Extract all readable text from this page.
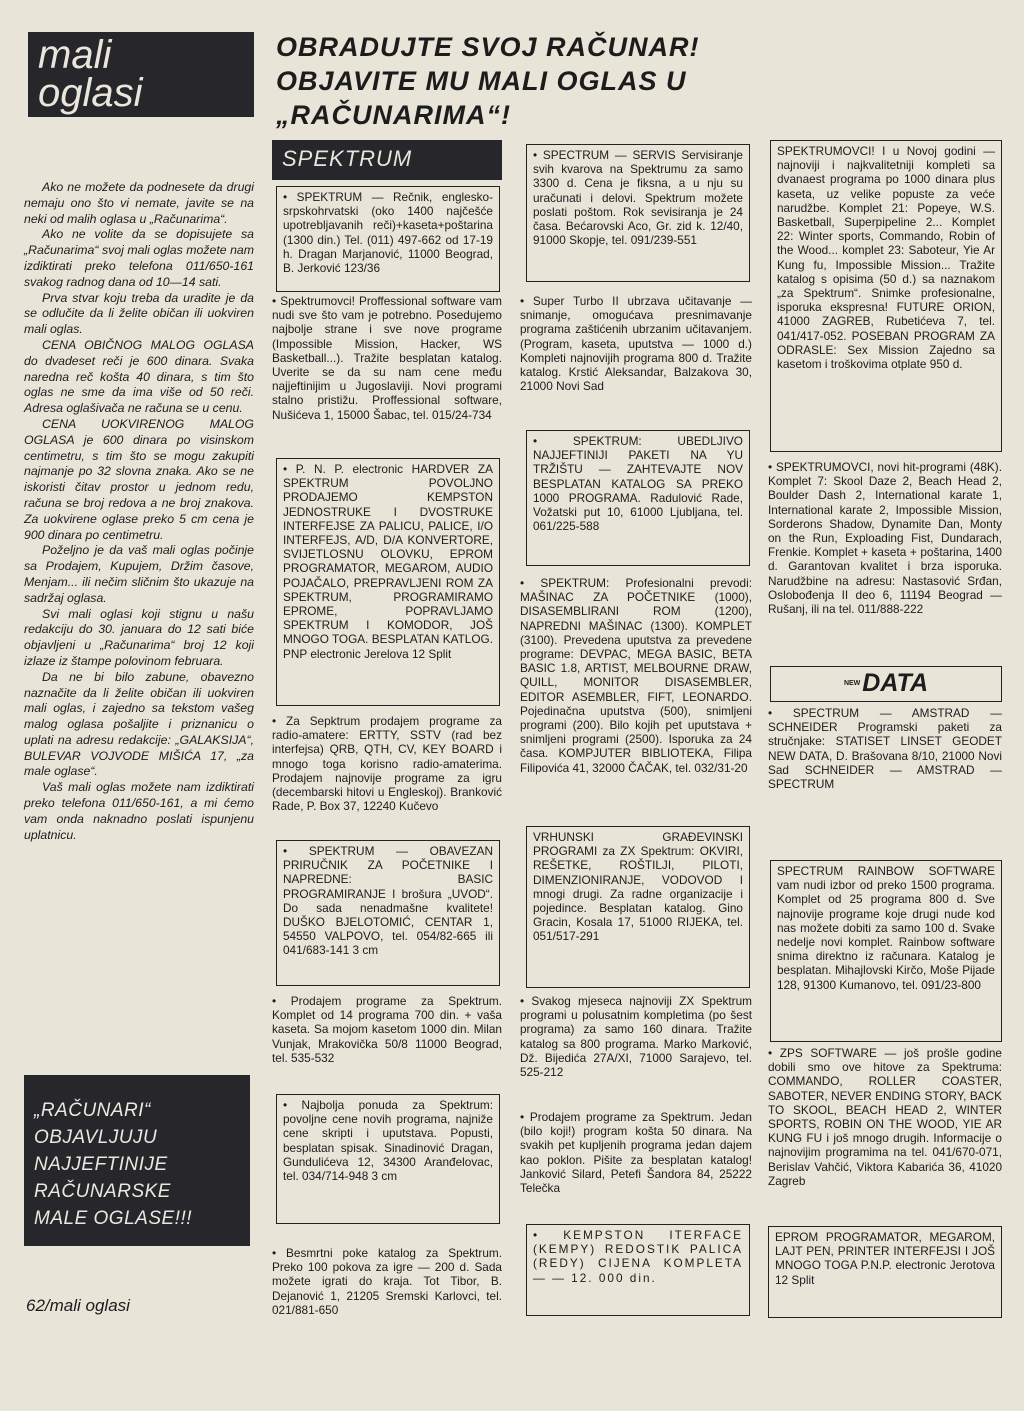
mali
oglasi
OBRADUJTE SVOJ RAČUNAR!
OBJAVITE MU MALI OGLAS U
„RAČUNARIMA“!

Ako ne možete da podnesete da drugi nemaju ono što vi nemate, javite se na neki od malih oglasa u „Računarima“.

Ako ne volite da se dopisujete sa „Računarima“ svoj mali oglas možete nam izdiktirati preko telefona 011/650-161 svakog radnog dana od 10—14 sati.

Prva stvar koju treba da uradite je da se odlučite da li želite običan ili uokviren mali oglas.

CENA OBIČNOG MALOG OGLASA do dvadeset reči je 600 dinara. Svaka naredna reč košta 40 dinara, s tim što oglas ne sme da ima više od 50 reči. Adresa oglašivača ne računa se u cenu.

CENA UOKVIRENOG MALOG OGLASA je 600 dinara po visinskom centimetru, s tim što se mogu zakupiti najmanje po 32 slovna znaka. Ako se ne iskoristi čitav prostor u jednom redu, računa se broj redova a ne broj znakova. Za uokvirene oglase preko 5 cm cena je 900 dinara po centimetru.

Poželjno je da vaš mali oglas počinje sa Prodajem, Kupujem, Držim časove, Menjam... ili nečim sličnim što ukazuje na sadržaj oglasa.

Svi mali oglasi koji stignu u našu redakciju do 30. januara do 12 sati biće objavljeni u „Računarima“ broj 12 koji izlaze iz štampe polovinom februara.

Da ne bi bilo zabune, obavezno naznačite da li želite običan ili uokviren mali oglas, i zajedno sa tekstom vašeg malog oglasa pošaljite i priznanicu o uplati na adresu redakcije: „GALAKSIJA“, BULEVAR VOJVODE MIŠIĆA 17, „za male oglase“.

Vaš mali oglas možete nam izdiktirati preko telefona 011/650-161, a mi ćemo vam onda naknadno poslati ispunjenu uplatnicu.

„RAČUNARI“
OBJAVLJUJU
NAJJEFTINIJE
RAČUNARSKE
MALE OGLASE!!!
62/mali oglasi
SPEKTRUM

• SPEKTRUM — Rečnik, englesko-srpskohrvatski (oko 1400 najčešće upotrebljavanih reči)+kaseta+poštarina (1300 din.) Tel. (011) 497-662 od 17-19 h. Dragan Marjanović, 11000 Beograd, B. Jerković 123/36

• Spektrumovci! Proffessional software vam nudi sve što vam je potrebno. Posedujemo najbolje strane i sve nove programe (Impossible Mission, Hacker, WS Basketball...). Tražite besplatan katalog. Uverite se da su nam cene među najjeftinijim u Jugoslaviji. Novi programi stalno pristižu. Proffessional software, Nušićeva 1, 15000 Šabac, tel. 015/24-734

• P. N. P. electronic HARDVER ZA SPEKTRUM POVOLJNO PRODAJEMO KEMPSTON JEDNOSTRUKE I DVOSTRUKE INTERFEJSE ZA PALICU, PALICE, I/O INTERFEJS, A/D, D/A KONVERTORE, SVIJETLOSNU OLOVKU, EPROM PROGRAMATOR, MEGAROM, AUDIO POJAČALO, PREPRAVLJENI ROM ZA SPEKTRUM, PROGRAMIRAMO EPROME, POPRAVLJAMO SPEKTRUM I KOMODOR, JOŠ MNOGO TOGA. BESPLATAN KATLOG. PNP electronic Jerelova 12 Split

• Za Sepktrum prodajem programe za radio-amatere: ERTTY, SSTV (rad bez interfejsa) QRB, QTH, CV, KEY BOARD i mnogo toga korisno radio-amaterima. Prodajem najnovije programe za igru (decembarski hitovi u Engleskoj). Branković Rade, P. Box 37, 12240 Kučevo

• SPEKTRUM — OBAVEZAN PRIRUČNIK ZA POČETNIKE I NAPREDNE: BASIC PROGRAMIRANJE I brošura „UVOD“. Do sada nenadmašne kvalitete! DUŠKO BJELOTOMIĆ, CENTAR 1, 54550 VALPOVO, tel. 054/82-665 ili 041/683-141 3 cm

• Prodajem programe za Spektrum. Komplet od 14 programa 700 din. + vaša kaseta. Sa mojom kasetom 1000 din. Milan Vunjak, Mrakovička 50/8 11000 Beograd, tel. 535-532

• Najbolja ponuda za Spektrum: povoljne cene novih programa, najniže cene skripti i uputstava. Popusti, besplatan spisak. Sinadinović Dragan, Gundulićeva 12, 34300 Aranđelovac, tel. 034/714-948 3 cm

• Besmrtni poke katalog za Spektrum. Preko 100 pokova za igre — 200 d. Sada možete igrati do kraja. Tot Tibor, B. Dejanović 1, 21205 Sremski Karlovci, tel. 021/881-650

• SPECTRUM — SERVIS Servisiranje svih kvarova na Spektrumu za samo 3300 d. Cena je fiksna, a u nju su uračunati i delovi. Spektrum možete poslati poštom. Rok sevisiranja je 24 časa. Bećarovski Aco, Gr. zid k. 12/40, 91000 Skopje, tel. 091/239-551

• Super Turbo II ubrzava učitavanje — snimanje, omogućava presnimavanje programa zaštićenih ubrzanim učitavanjem. (Program, kaseta, uputstva — 1000 d.) Kompleti najnovijih programa 800 d. Tražite katalog. Krstić Aleksandar, Balzakova 30, 21000 Novi Sad

• SPEKTRUM: UBEDLJIVO NAJJEFTINIJI PAKETI NA YU TRŽIŠTU — ZAHTEVAJTE NOV BESPLATAN KATALOG SA PREKO 1000 PROGRAMA. Radulović Rade, Vožatski put 10, 61000 Ljubljana, tel. 061/225-588

• SPEKTRUM: Profesionalni prevodi: MAŠINAC ZA POČETNIKE (1000), DISASEMBLIRANI ROM (1200), NAPREDNI MAŠINAC (1300). KOMPLET (3100). Prevedena uputstva za prevedene programe: DEVPAC, MEGA BASIC, BETA BASIC 1.8, ARTIST, MELBOURNE DRAW, QUILL, MONITOR DISASEMBLER, EDITOR ASEMBLER, FIFT, LEONARDO. Pojedinačna uputstva (500), snimljeni programi (200). Bilo kojih pet uputstava + snimljeni programi (2500). Isporuka za 24 časa. KOMPJUTER BIBLIOTEKA, Filipa Filipovića 41, 32000 ČAČAK, tel. 032/31-20

VRHUNSKI GRAĐEVINSKI PROGRAMI za ZX Spektrum: OKVIRI, REŠETKE, ROŠTILJI, PILOTI, DIMENZIONIRANJE, VODOVOD I mnogi drugi. Za radne organizacije i pojedince. Besplatan katalog. Gino Gracin, Kosala 17, 51000 RIJEKA, tel. 051/517-291

• Svakog mjeseca najnoviji ZX Spektrum programi u polusatnim kompletima (po šest programa) za samo 160 dinara. Tražite katalog sa 800 programa. Marko Marković, Dž. Bijedića 27A/XI, 71000 Sarajevo, tel. 525-212

• Prodajem programe za Spektrum. Jedan (bilo koji!) program košta 50 dinara. Na svakih pet kupljenih programa jedan dajem kao poklon. Pišite za besplatan katalog! Janković Silard, Petefi Šandora 84, 25222 Telečka

• KEMPSTON ITERFACE (KEMPY) REDOSTIK PALICA (REDY) CIJENA KOMPLETA — — 12. 000 din.

SPEKTRUMOVCI! I u Novoj godini — najnoviji i najkvalitetniji kompleti sa dvanaest programa po 1000 dinara plus kaseta, uz velike popuste za veće narudžbe. Komplet 21: Popeye, W.S. Basketball, Superpipeline 2... Komplet 22: Winter sports, Commando, Robin of the Wood... komplet 23: Saboteur, Yie Ar Kung fu, Impossible Mission... Tražite katalog s opisima (50 d.) sa naznakom „za Spektrum“. Snimke profesionalne, isporuka ekspresna! FUTURE ORION, 41000 ZAGREB, Rubetićeva 7, tel. 041/417-052. POSEBAN PROGRAM ZA ODRASLE: Sex Mission Zajedno sa kasetom i troškovima otplate 950 d.

• SPEKTRUMOVCI, novi hit-programi (48K). Komplet 7: Skool Daze 2, Beach Head 2, Boulder Dash 2, International karate 1, International karate 2, Impossible Mission, Sorderons Shadow, Dynamite Dan, Monty on the Run, Exploading Fist, Dundarach, Frenkie. Komplet + kaseta + poštarina, 1400 d. Garantovan kvalitet i brza isporuka. Narudžbine na adresu: Nastasović Srđan, Oslobođenja II deo 6, 11194 Beograd — Rušanj, ili na tel. 011/888-222

NEWDATA

• SPECTRUM — AMSTRAD — SCHNEIDER Programski paketi za stručnjake: STATISET LINSET GEODET NEW DATA, D. Brašovana 8/10, 21000 Novi Sad SCHNEIDER — AMSTRAD — SPECTRUM

SPECTRUM RAINBOW SOFTWARE vam nudi izbor od preko 1500 programa. Komplet od 25 programa 800 d. Sve najnovije programe koje drugi nude kod nas možete dobiti za samo 100 d. Svake nedelje novi komplet. Rainbow software snima direktno iz računara. Katalog je besplatan. Mihajlovski Kirčo, Moše Pijade 128, 91300 Kumanovo, tel. 091/23-800

• ZPS SOFTWARE — još prošle godine dobili smo ove hitove za Spektruma: COMMANDO, ROLLER COASTER, SABOTER, NEVER ENDING STORY, BACK TO SKOOL, BEACH HEAD 2, WINTER SPORTS, ROBIN ON THE WOOD, YIE AR KUNG FU i još mnogo drugih. Informacije o najnovijim programima na tel. 041/670-071, Berislav Vahčić, Viktora Kabarića 36, 41020 Zagreb

EPROM PROGRAMATOR, MEGAROM, LAJT PEN, PRINTER INTERFEJSI I JOŠ MNOGO TOGA P.N.P. electronic Jerotova 12 Split
